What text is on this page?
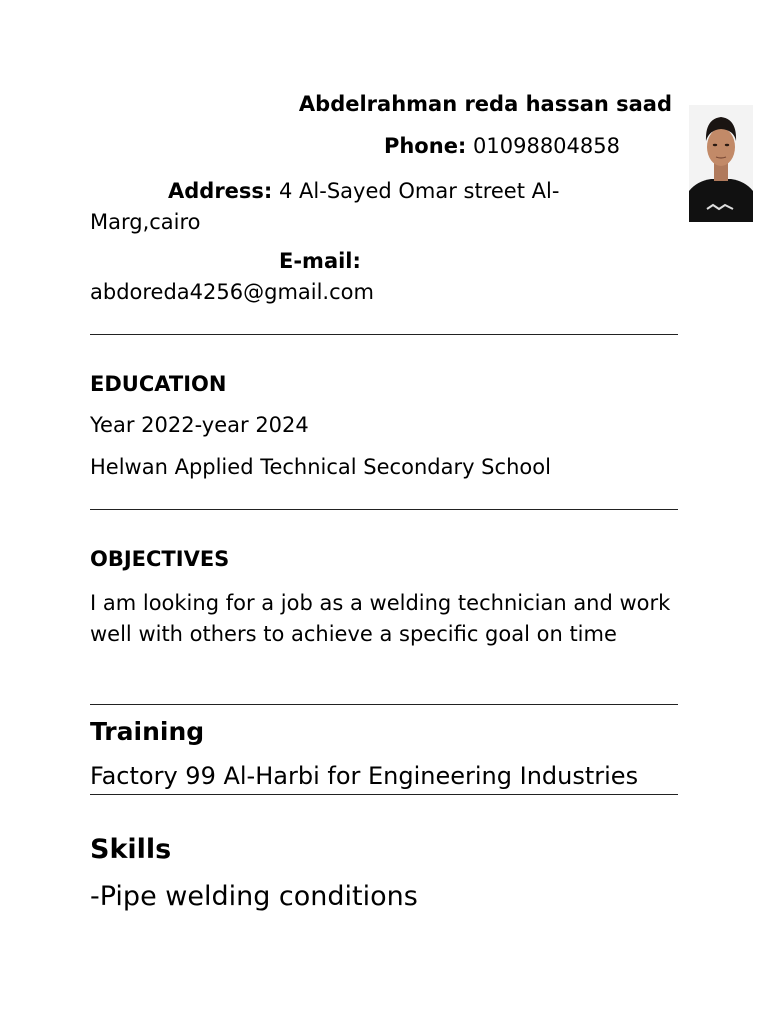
Abdelrahman reda hassan saad
Phone: 01098804858
Address: 4 Al-Sayed Omar street Al-Marg,cairo
E-mail:
abdoreda4256@gmail.com
EDUCATION
Year 2022-year 2024
Helwan Applied Technical Secondary School
OBJECTIVES
I am looking for a job as a welding technician and work well with others to achieve a specific goal on time
Training
Factory 99 Al-Harbi for Engineering Industries
Skills
-Pipe welding conditions
